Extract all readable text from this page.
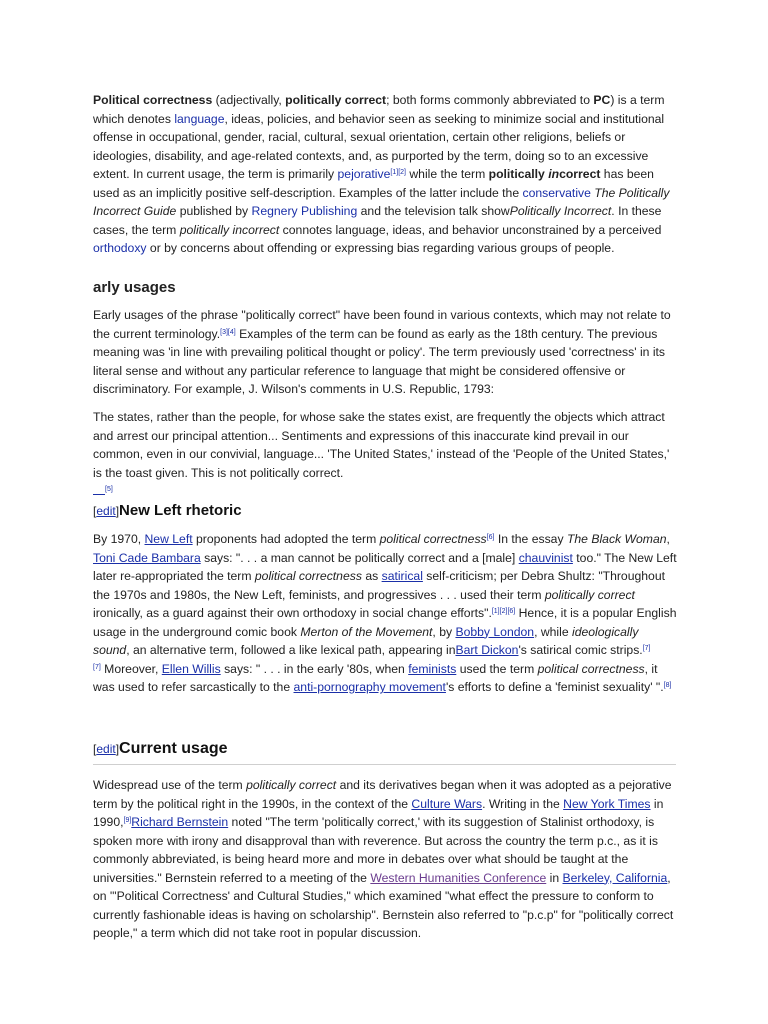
Political correctness (adjectivally, politically correct; both forms commonly abbreviated to PC) is a term which denotes language, ideas, policies, and behavior seen as seeking to minimize social and institutional offense in occupational, gender, racial, cultural, sexual orientation, certain other religions, beliefs or ideologies, disability, and age-related contexts, and, as purported by the term, doing so to an excessive extent. In current usage, the term is primarily pejorative[1][2] while the term politically incorrect has been used as an implicitly positive self-description. Examples of the latter include the conservative The Politically Incorrect Guide published by Regnery Publishing and the television talk showPolitically Incorrect. In these cases, the term politically incorrect connotes language, ideas, and behavior unconstrained by a perceived orthodoxy or by concerns about offending or expressing bias regarding various groups of people.

arly usages

Early usages of the phrase "politically correct" have been found in various contexts, which may not relate to the current terminology.[3][4] Examples of the term can be found as early as the 18th century. The previous meaning was 'in line with prevailing political thought or policy'. The term previously used 'correctness' in its literal sense and without any particular reference to language that might be considered offensive or discriminatory. For example, J. Wilson's comments in U.S. Republic, 1793:

The states, rather than the people, for whose sake the states exist, are frequently the objects which attract and arrest our principal attention... Sentiments and expressions of this inaccurate kind prevail in our common, even in our convivial, language... 'The United States,' instead of the 'People of the United States,' is the toast given. This is not politically correct.
[5]

[edit]New Left rhetoric

By 1970, New Left proponents had adopted the term political correctness[6] In the essay The Black Woman, Toni Cade Bambara says: ". . . a man cannot be politically correct and a [male] chauvinist too." The New Left later re-appropriated the term political correctness as satirical self-criticism; per Debra Shultz: "Throughout the 1970s and 1980s, the New Left, feminists, and progressives . . . used their term politically correct ironically, as a guard against their own orthodoxy in social change efforts".[1][2][6] Hence, it is a popular English usage in the underground comic book Merton of the Movement, by Bobby London, while ideologically sound, an alternative term, followed a like lexical path, appearing inBart Dickon's satirical comic strips.[7]
[7] Moreover, Ellen Willis says: " . . . in the early '80s, when feminists used the term political correctness, it was used to refer sarcastically to the anti-pornography movement's efforts to define a 'feminist sexuality' ".[8]

[edit]Current usage

Widespread use of the term politically correct and its derivatives began when it was adopted as a pejorative term by the political right in the 1990s, in the context of the Culture Wars. Writing in the New York Times in 1990,[9]Richard Bernstein noted "The term 'politically correct,' with its suggestion of Stalinist orthodoxy, is spoken more with irony and disapproval than with reverence. But across the country the term p.c., as it is commonly abbreviated, is being heard more and more in debates over what should be taught at the universities." Bernstein referred to a meeting of the Western Humanities Conference in Berkeley, California, on "'Political Correctness' and Cultural Studies," which examined "what effect the pressure to conform to currently fashionable ideas is having on scholarship". Bernstein also referred to "p.c.p" for "politically correct people," a term which did not take root in popular discussion.
